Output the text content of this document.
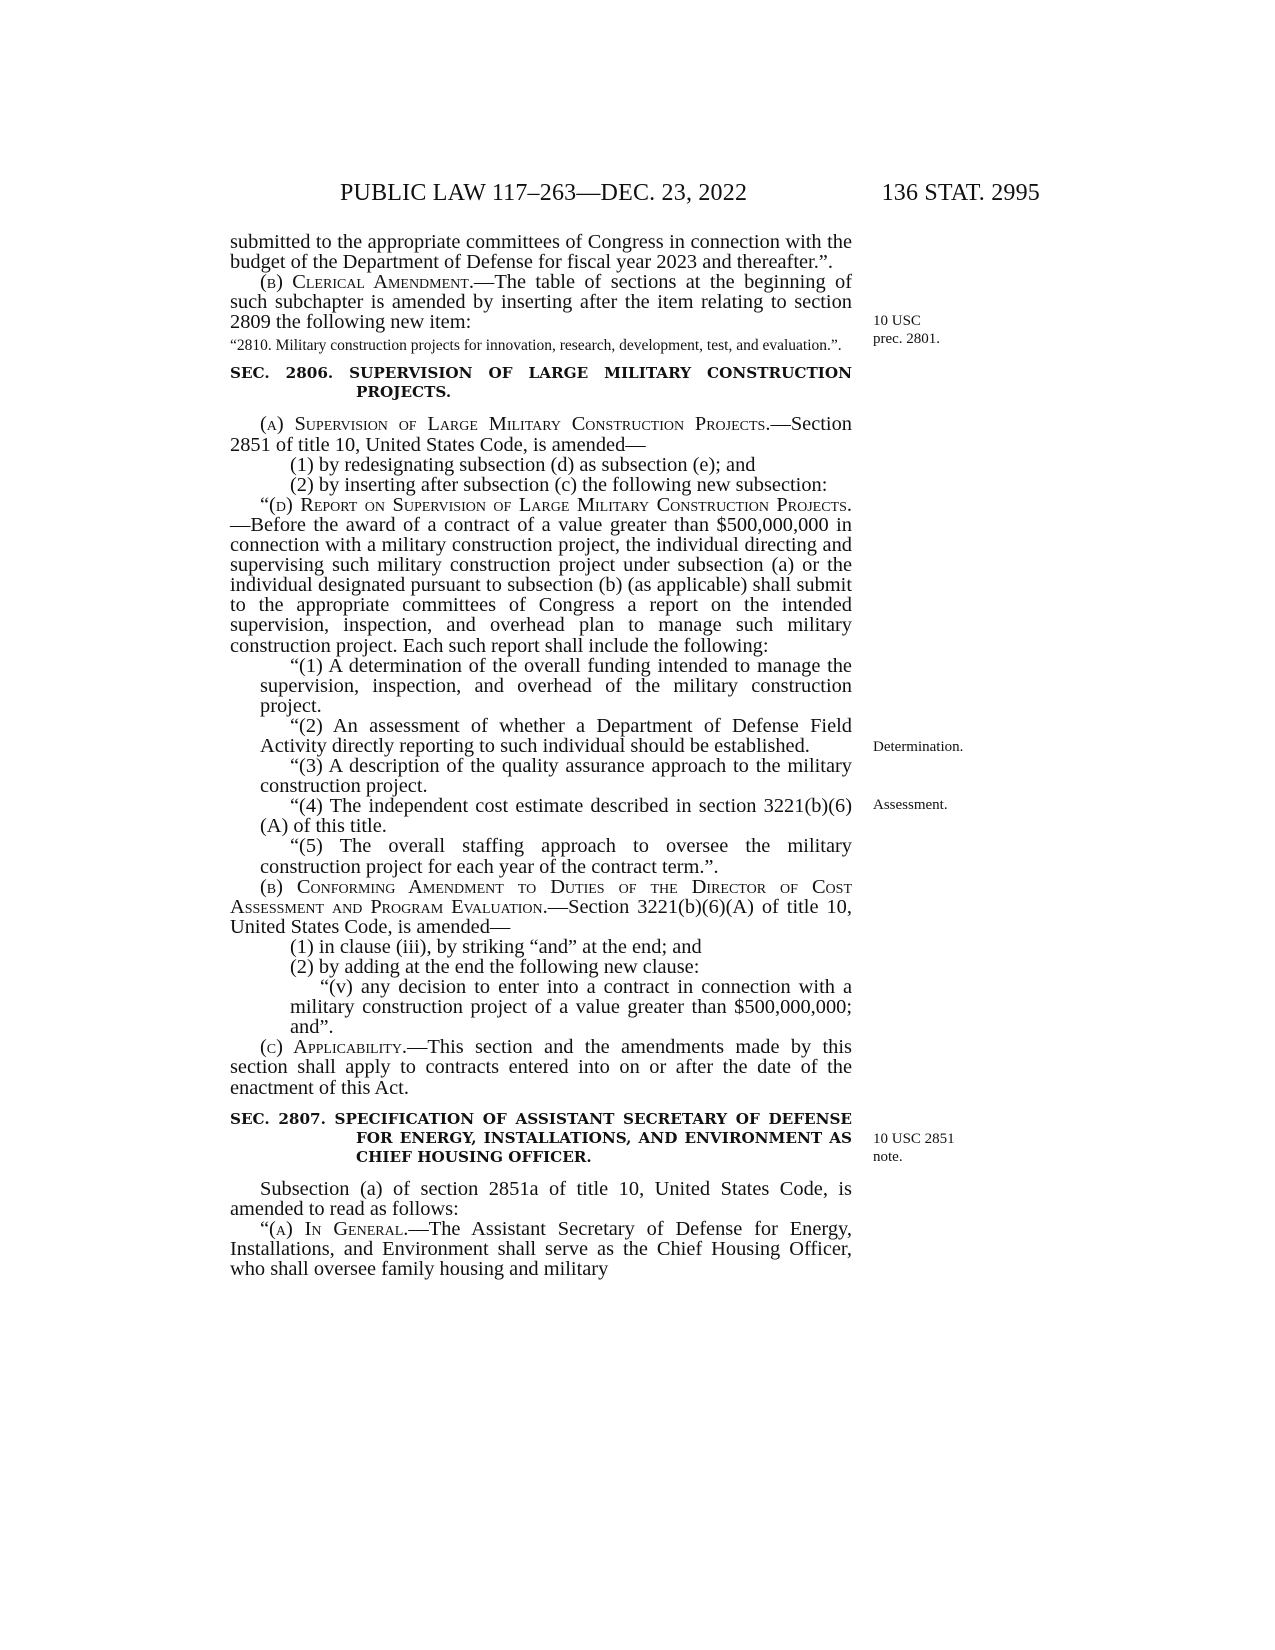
PUBLIC LAW 117–263—DEC. 23, 2022	136 STAT. 2995

submitted to the appropriate committees of Congress in connection with the budget of the Department of Defense for fiscal year 2023 and thereafter.”.

(b) Clerical Amendment.—The table of sections at the beginning of such subchapter is amended by inserting after the item relating to section 2809 the following new item:

“2810. Military construction projects for innovation, research, development, test, and evaluation.”.

SEC. 2806. SUPERVISION OF LARGE MILITARY CONSTRUCTION PROJECTS.

(a) Supervision of Large Military Construction Projects.—Section 2851 of title 10, United States Code, is amended—

(1) by redesignating subsection (d) as subsection (e); and

(2) by inserting after subsection (c) the following new subsection:

“(d) Report on Supervision of Large Military Construction Projects.—Before the award of a contract of a value greater than $500,000,000 in connection with a military construction project, the individual directing and supervising such military construction project under subsection (a) or the individual designated pursuant to subsection (b) (as applicable) shall submit to the appropriate committees of Congress a report on the intended supervision, inspection, and overhead plan to manage such military construction project. Each such report shall include the following:

“(1) A determination of the overall funding intended to manage the supervision, inspection, and overhead of the military construction project.

“(2) An assessment of whether a Department of Defense Field Activity directly reporting to such individual should be established.

“(3) A description of the quality assurance approach to the military construction project.

“(4) The independent cost estimate described in section 3221(b)(6)(A) of this title.

“(5) The overall staffing approach to oversee the military construction project for each year of the contract term.”.

(b) Conforming Amendment to Duties of the Director of Cost Assessment and Program Evaluation.—Section 3221(b)(6)(A) of title 10, United States Code, is amended—

(1) in clause (iii), by striking “and” at the end; and

(2) by adding at the end the following new clause:

“(v) any decision to enter into a contract in connection with a military construction project of a value greater than $500,000,000; and”.

(c) Applicability.—This section and the amendments made by this section shall apply to contracts entered into on or after the date of the enactment of this Act.

SEC. 2807. SPECIFICATION OF ASSISTANT SECRETARY OF DEFENSE FOR ENERGY, INSTALLATIONS, AND ENVIRONMENT AS CHIEF HOUSING OFFICER.

Subsection (a) of section 2851a of title 10, United States Code, is amended to read as follows:

“(a) In General.—The Assistant Secretary of Defense for Energy, Installations, and Environment shall serve as the Chief Housing Officer, who shall oversee family housing and military

10 USC prec. 2801.
Determination.
Assessment.
10 USC 2851 note.
